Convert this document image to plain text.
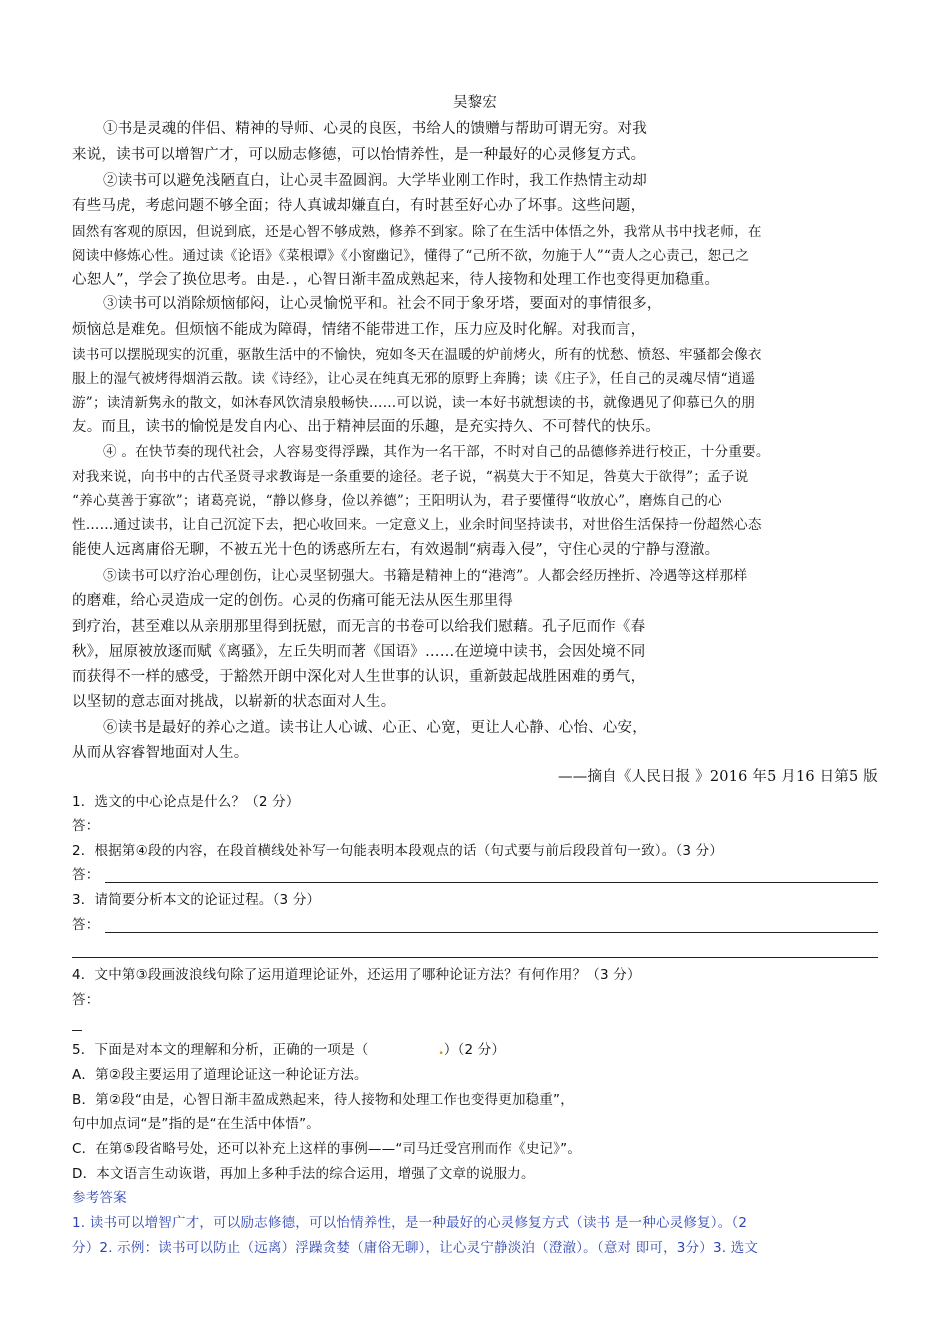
吴黎宏
①书是灵魂的伴侣、精神的导师、心灵的良医，书给人的馈赠与帮助可谓无穷。对我
来说，读书可以增智广才，可以励志修德，可以怡情养性，是一种最好的心灵修复方式。
②读书可以避免浅陋直白，让心灵丰盈圆润。大学毕业刚工作时，我工作热情主动却
有些马虎，考虑问题不够全面；待人真诚却嫌直白，有时甚至好心办了坏事。这些问题，
固然有客观的原因，但说到底，还是心智不够成熟，修养不到家。除了在生活中体悟之外，我常从书中找老师，在
阅读中修炼心性。通过读《论语》《菜根谭》《小窗幽记》，懂得了“己所不欲，勿施于人”“责人之心责己，恕己之
心恕人”，学会了换位思考。由是．，心智日渐丰盈成熟起来，待人接物和处理工作也变得更加稳重。
③读书可以消除烦恼郁闷，让心灵愉悦平和。社会不同于象牙塔，要面对的事情很多，
烦恼总是难免。但烦恼不能成为障碍，情绪不能带进工作，压力应及时化解。对我而言，
读书可以摆脱现实的沉重，驱散生活中的不愉快，宛如冬天在温暖的炉前烤火，所有的忧愁、愤怒、牢骚都会像衣
服上的湿气被烤得烟消云散。读《诗经》，让心灵在纯真无邪的原野上奔腾；读《庄子》，任自己的灵魂尽情“逍遥
游”；读清新隽永的散文，如沐春风饮清泉般畅快……可以说，读一本好书就想读的书，就像遇见了仰慕已久的朋
友。而且，读书的愉悦是发自内心、出于精神层面的乐趣，是充实持久、不可替代的快乐。
④ 。在快节奏的现代社会，人容易变得浮躁，其作为一名干部，不时对自己的品德修养进行校正，十分重要。
对我来说，向书中的古代圣贤寻求教诲是一条重要的途径。老子说，“祸莫大于不知足，咎莫大于欲得”；孟子说
“养心莫善于寡欲”；诸葛亮说，“静以修身，俭以养德”；王阳明认为，君子要懂得“收放心”，磨炼自己的心
性……通过读书，让自己沉淀下去，把心收回来。一定意义上，业余时间坚持读书，对世俗生活保持一份超然心态
能使人远离庸俗无聊，不被五光十色的诱惑所左右，有效遏制“病毒入侵”，守住心灵的宁静与澄澈。
⑤读书可以疗治心理创伤，让心灵坚韧强大。书籍是精神上的“港湾”。人都会经历挫折、冷遇等这样那样
的磨难，给心灵造成一定的创伤。心灵的伤痛可能无法从医生那里得
到疗治，甚至难以从亲朋那里得到抚慰，而无言的书卷可以给我们慰藉。孔子厄而作《春
秋》，屈原被放逐而赋《离骚》，左丘失明而著《国语》……在逆境中读书，会因处境不同
而获得不一样的感受，于豁然开朗中深化对人生世事的认识，重新鼓起战胜困难的勇气，
以坚韧的意志面对挑战，以崭新的状态面对人生。
⑥读书是最好的养心之道。读书让人心诚、心正、心宽，更让人心静、心怡、心安，
从而从容睿智地面对人生。
——摘自《人民日报 》2016 年5 月16 日第5 版
1．选文的中心论点是什么？（2 分）
答：
2．根据第④段的内容，在段首横线处补写一句能表明本段观点的话（句式要与前后段段首句一致）。（3 分）
答：
3．请简要分析本文的论证过程。（3 分）
答：
4．文中第③段画波浪线句除了运用道理论证外，还运用了哪种论证方法？有何作用？（3 分）
答：
5．下面是对本文的理解和分析，正确的一项是（	.）（2 分）
A．第②段主要运用了道理论证这一种论证方法。
B．第②段“由是，心智日渐丰盈成熟起来，待人接物和处理工作也变得更加稳重”，
句中加点词“是”指的是“在生活中体悟”。
C．在第⑤段省略号处，还可以补充上这样的事例——“司马迁受宫刑而作《史记》”。
D．本文语言生动诙谐，再加上多种手法的综合运用，增强了文章的说服力。
参考答案
1. 读书可以增智广才，可以励志修德，可以怡情养性，是一种最好的心灵修复方式（读书 是一种心灵修复）。（2
分）2. 示例：读书可以防止（远离）浮躁贪婪（庸俗无聊），让心灵宁静淡泊（澄澈）。（意对 即可，3分）3. 选文
